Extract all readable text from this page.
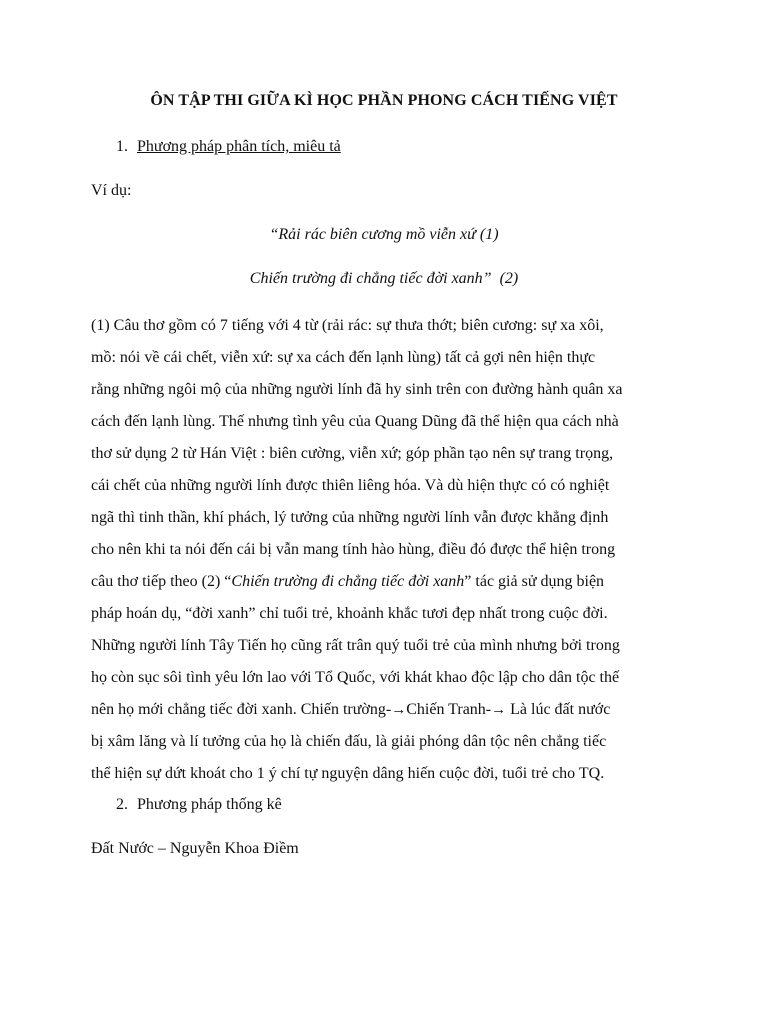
ÔN TẬP THI GIỮA KÌ HỌC PHẦN PHONG CÁCH TIẾNG VIỆT
1. Phương pháp phân tích, miêu tả
Ví dụ:
“Rải rác biên cương mồ viễn xứ (1)
Chiến trường đi chẳng tiếc đời xanh” (2)
(1) Câu thơ gồm có 7 tiếng với 4 từ (rải rác: sự thưa thớt; biên cương: sự xa xôi,
mồ: nói về cái chết, viễn xứ: sự xa cách đến lạnh lùng) tất cả gợi nên hiện thực
rằng những ngôi mộ của những người lính đã hy sinh trên con đường hành quân xa
cách đến lạnh lùng. Thế nhưng tình yêu của Quang Dũng đã thể hiện qua cách nhà
thơ sử dụng 2 từ Hán Việt : biên cường, viễn xứ; góp phần tạo nên sự trang trọng,
cái chết của những người lính được thiên liêng hóa. Và dù hiện thực có có nghiệt
ngã thì tinh thần, khí phách, lý tưởng của những người lính vẫn được khẳng định
cho nên khi ta nói đến cái bị vẫn mang tính hào hùng, điều đó được thể hiện trong
câu thơ tiếp theo (2) “Chiến trường đi chẳng tiếc đời xanh” tác giả sử dụng biện
pháp hoán dụ, “đời xanh” chỉ tuổi trẻ, khoảnh khắc tươi đẹp nhất trong cuộc đời.
Những người lính Tây Tiến họ cũng rất trân quý tuổi trẻ của mình nhưng bởi trong
họ còn sục sôi tình yêu lớn lao với Tổ Quốc, với khát khao độc lập cho dân tộc thế
nên họ mới chẳng tiếc đời xanh. Chiến trường-→Chiến Tranh-→ Là lúc đất nước
bị xâm lăng và lí tưởng của họ là chiến đấu, là giải phóng dân tộc nên chẳng tiếc
thể hiện sự dứt khoát cho 1 ý chí tự nguyện dâng hiến cuộc đời, tuổi trẻ cho TQ.
2. Phương pháp thống kê
Đất Nước – Nguyễn Khoa Điềm
